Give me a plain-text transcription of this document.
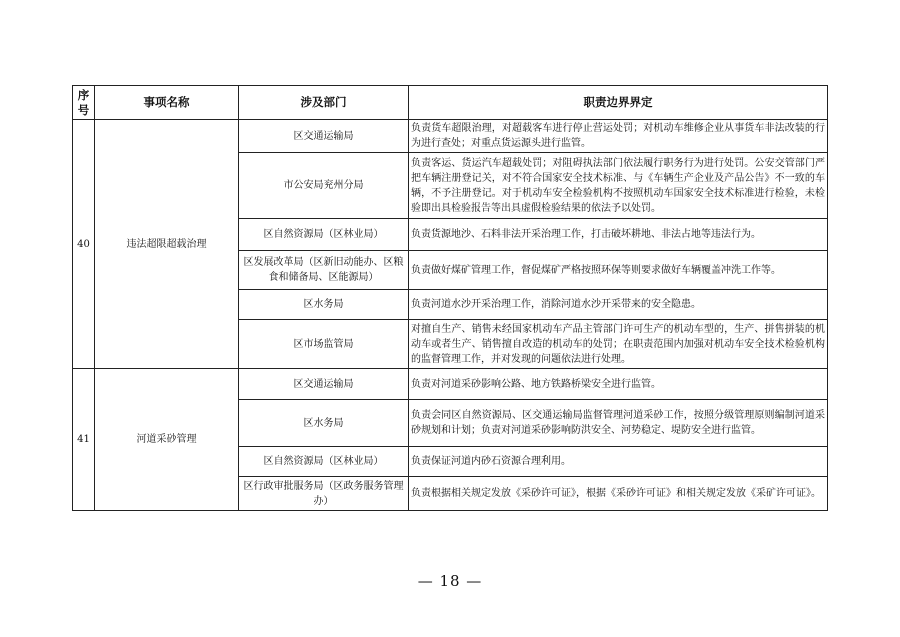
序号	事项名称	涉及部门	职责边界界定
40	违法超限超载治理	区交通运输局	负责货车超限治理，对超载客车进行停止营运处罚；对机动车维修企业从事货车非法改装的行为进行查处；对重点货运源头进行监管。
		市公安局兖州分局	负责客运、货运汽车超载处罚；对阻碍执法部门依法履行职务行为进行处罚。公安交管部门严把车辆注册登记关，对不符合国家安全技术标准、与《车辆生产企业及产品公告》不一致的车辆，不予注册登记。对于机动车安全检验机构不按照机动车国家安全技术标准进行检验，未检验即出具检验报告等出具虚假检验结果的依法予以处罚。
		区自然资源局（区林业局）	负责货源地沙、石料非法开采治理工作，打击破坏耕地、非法占地等违法行为。
		区发展改革局（区新旧动能办、区粮食和储备局、区能源局）	负责做好煤矿管理工作，督促煤矿严格按照环保等则要求做好车辆覆盖冲洗工作等。
		区水务局	负责河道水沙开采治理工作，消除河道水沙开采带来的安全隐患。
		区市场监管局	对擅自生产、销售未经国家机动车产品主管部门许可生产的机动车型的，生产、拼售拼装的机动车或者生产、销售擅自改造的机动车的处罚；在职责范围内加强对机动车安全技术检验机构的监督管理工作，并对发现的问题依法进行处理。
41	河道采砂管理	区交通运输局	负责对河道采砂影响公路、地方铁路桥梁安全进行监管。
		区水务局	负责会同区自然资源局、区交通运输局监督管理河道采砂工作，按照分级管理原则编制河道采砂规划和计划；负责对河道采砂影响防洪安全、河势稳定、堤防安全进行监管。
		区自然资源局（区林业局）	负责保证河道内砂石资源合理利用。
		区行政审批服务局（区政务服务管理办）	负责根据相关规定发放《采砂许可证》，根据《采砂许可证》和相关规定发放《采矿许可证》。
— 18 —
